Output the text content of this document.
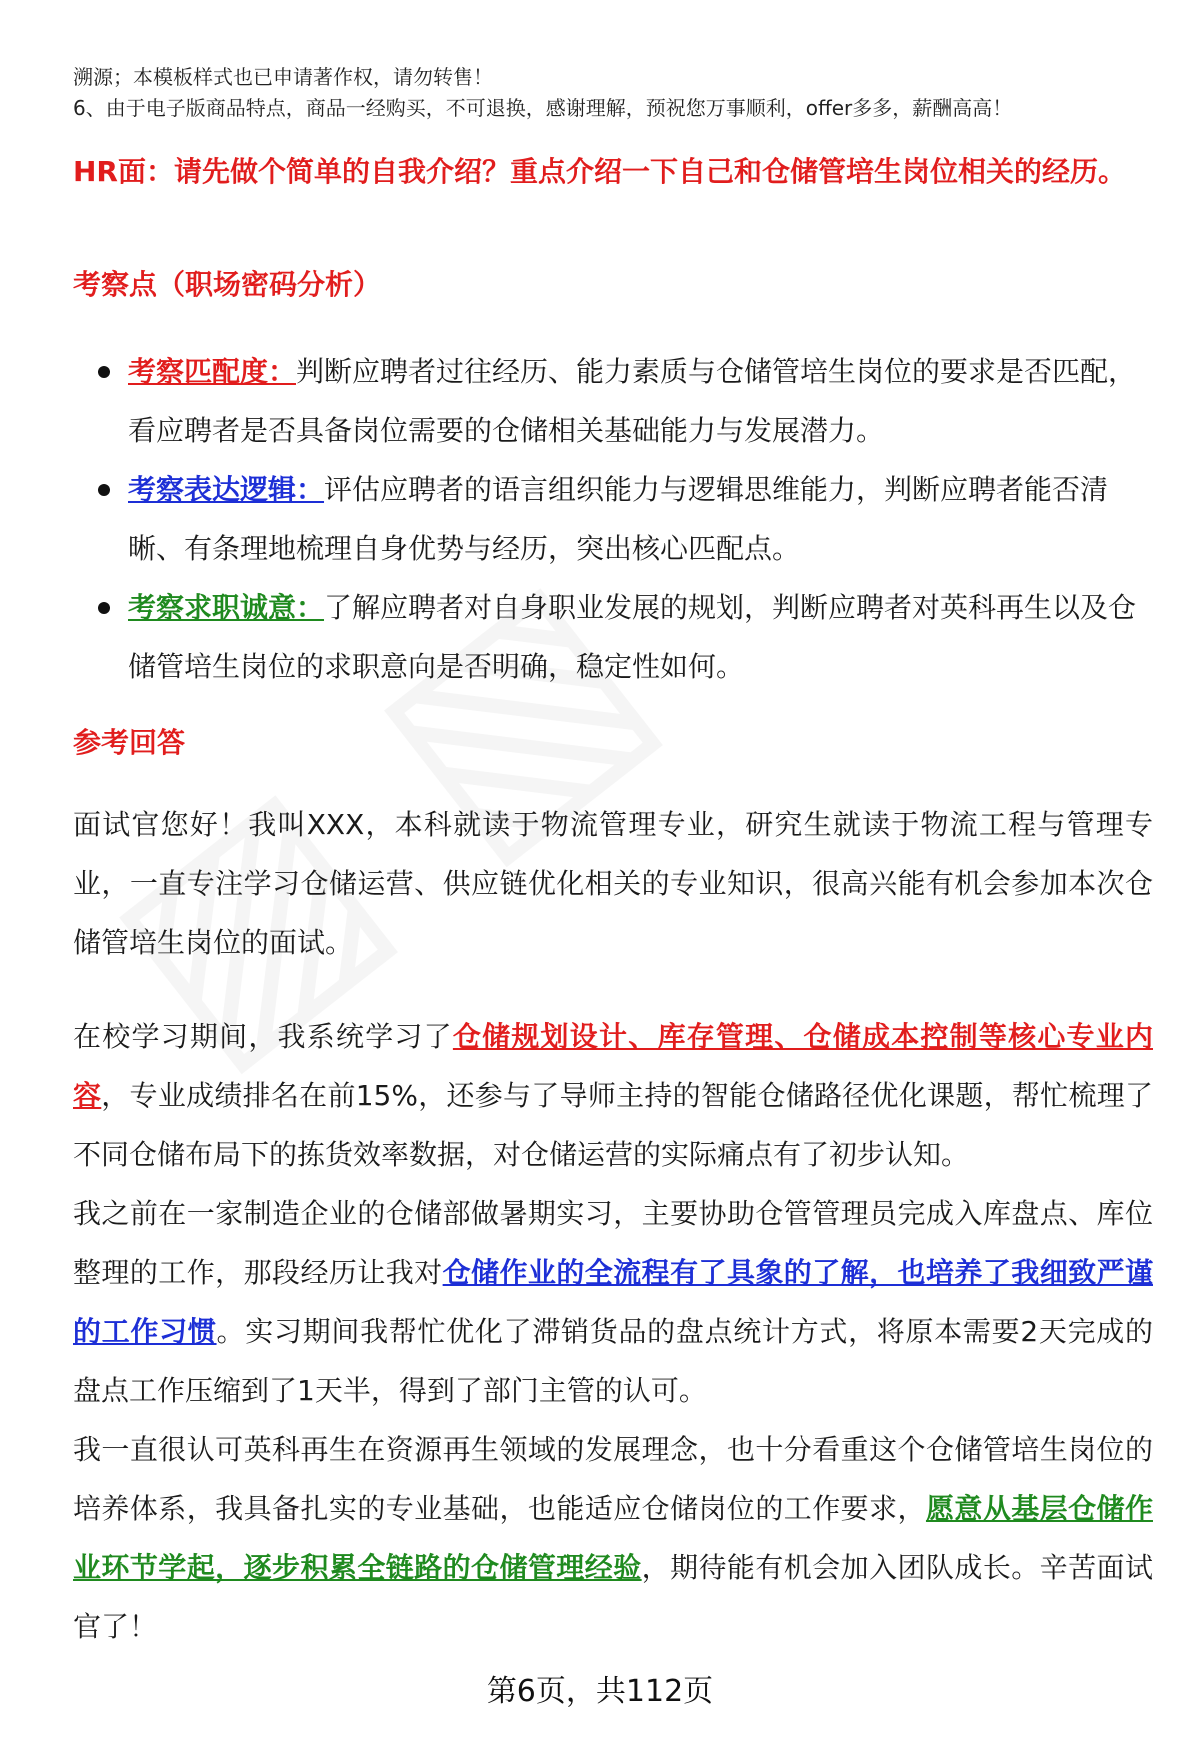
溯源；本模板样式也已申请著作权，请勿转售！
6、由于电子版商品特点，商品一经购买，不可退换，感谢理解，预祝您万事顺利，offer多多，薪酬高高！
HR面：请先做个简单的自我介绍？重点介绍一下自己和仓储管培生岗位相关的经历。
考察点（职场密码分析）
考察匹配度：判断应聘者过往经历、能力素质与仓储管培生岗位的要求是否匹配，看应聘者是否具备岗位需要的仓储相关基础能力与发展潜力。
考察表达逻辑：评估应聘者的语言组织能力与逻辑思维能力，判断应聘者能否清晰、有条理地梳理自身优势与经历，突出核心匹配点。
考察求职诚意：了解应聘者对自身职业发展的规划，判断应聘者对英科再生以及仓储管培生岗位的求职意向是否明确，稳定性如何。
参考回答

面试官您好！我叫XXX，本科就读于物流管理专业，研究生就读于物流工程与管理专业，一直专注学习仓储运营、供应链优化相关的专业知识，很高兴能有机会参加本次仓储管培生岗位的面试。

在校学习期间，我系统学习了仓储规划设计、库存管理、仓储成本控制等核心专业内容，专业成绩排名在前15%，还参与了导师主持的智能仓储路径优化课题，帮忙梳理了不同仓储布局下的拣货效率数据，对仓储运营的实际痛点有了初步认知。

我之前在一家制造企业的仓储部做暑期实习，主要协助仓管管理员完成入库盘点、库位整理的工作，那段经历让我对仓储作业的全流程有了具象的了解，也培养了我细致严谨的工作习惯。实习期间我帮忙优化了滞销货品的盘点统计方式，将原本需要2天完成的盘点工作压缩到了1天半，得到了部门主管的认可。

我一直很认可英科再生在资源再生领域的发展理念，也十分看重这个仓储管培生岗位的培养体系，我具备扎实的专业基础，也能适应仓储岗位的工作要求，愿意从基层仓储作业环节学起，逐步积累全链路的仓储管理经验，期待能有机会加入团队成长。辛苦面试官了！

第6页，共112页
